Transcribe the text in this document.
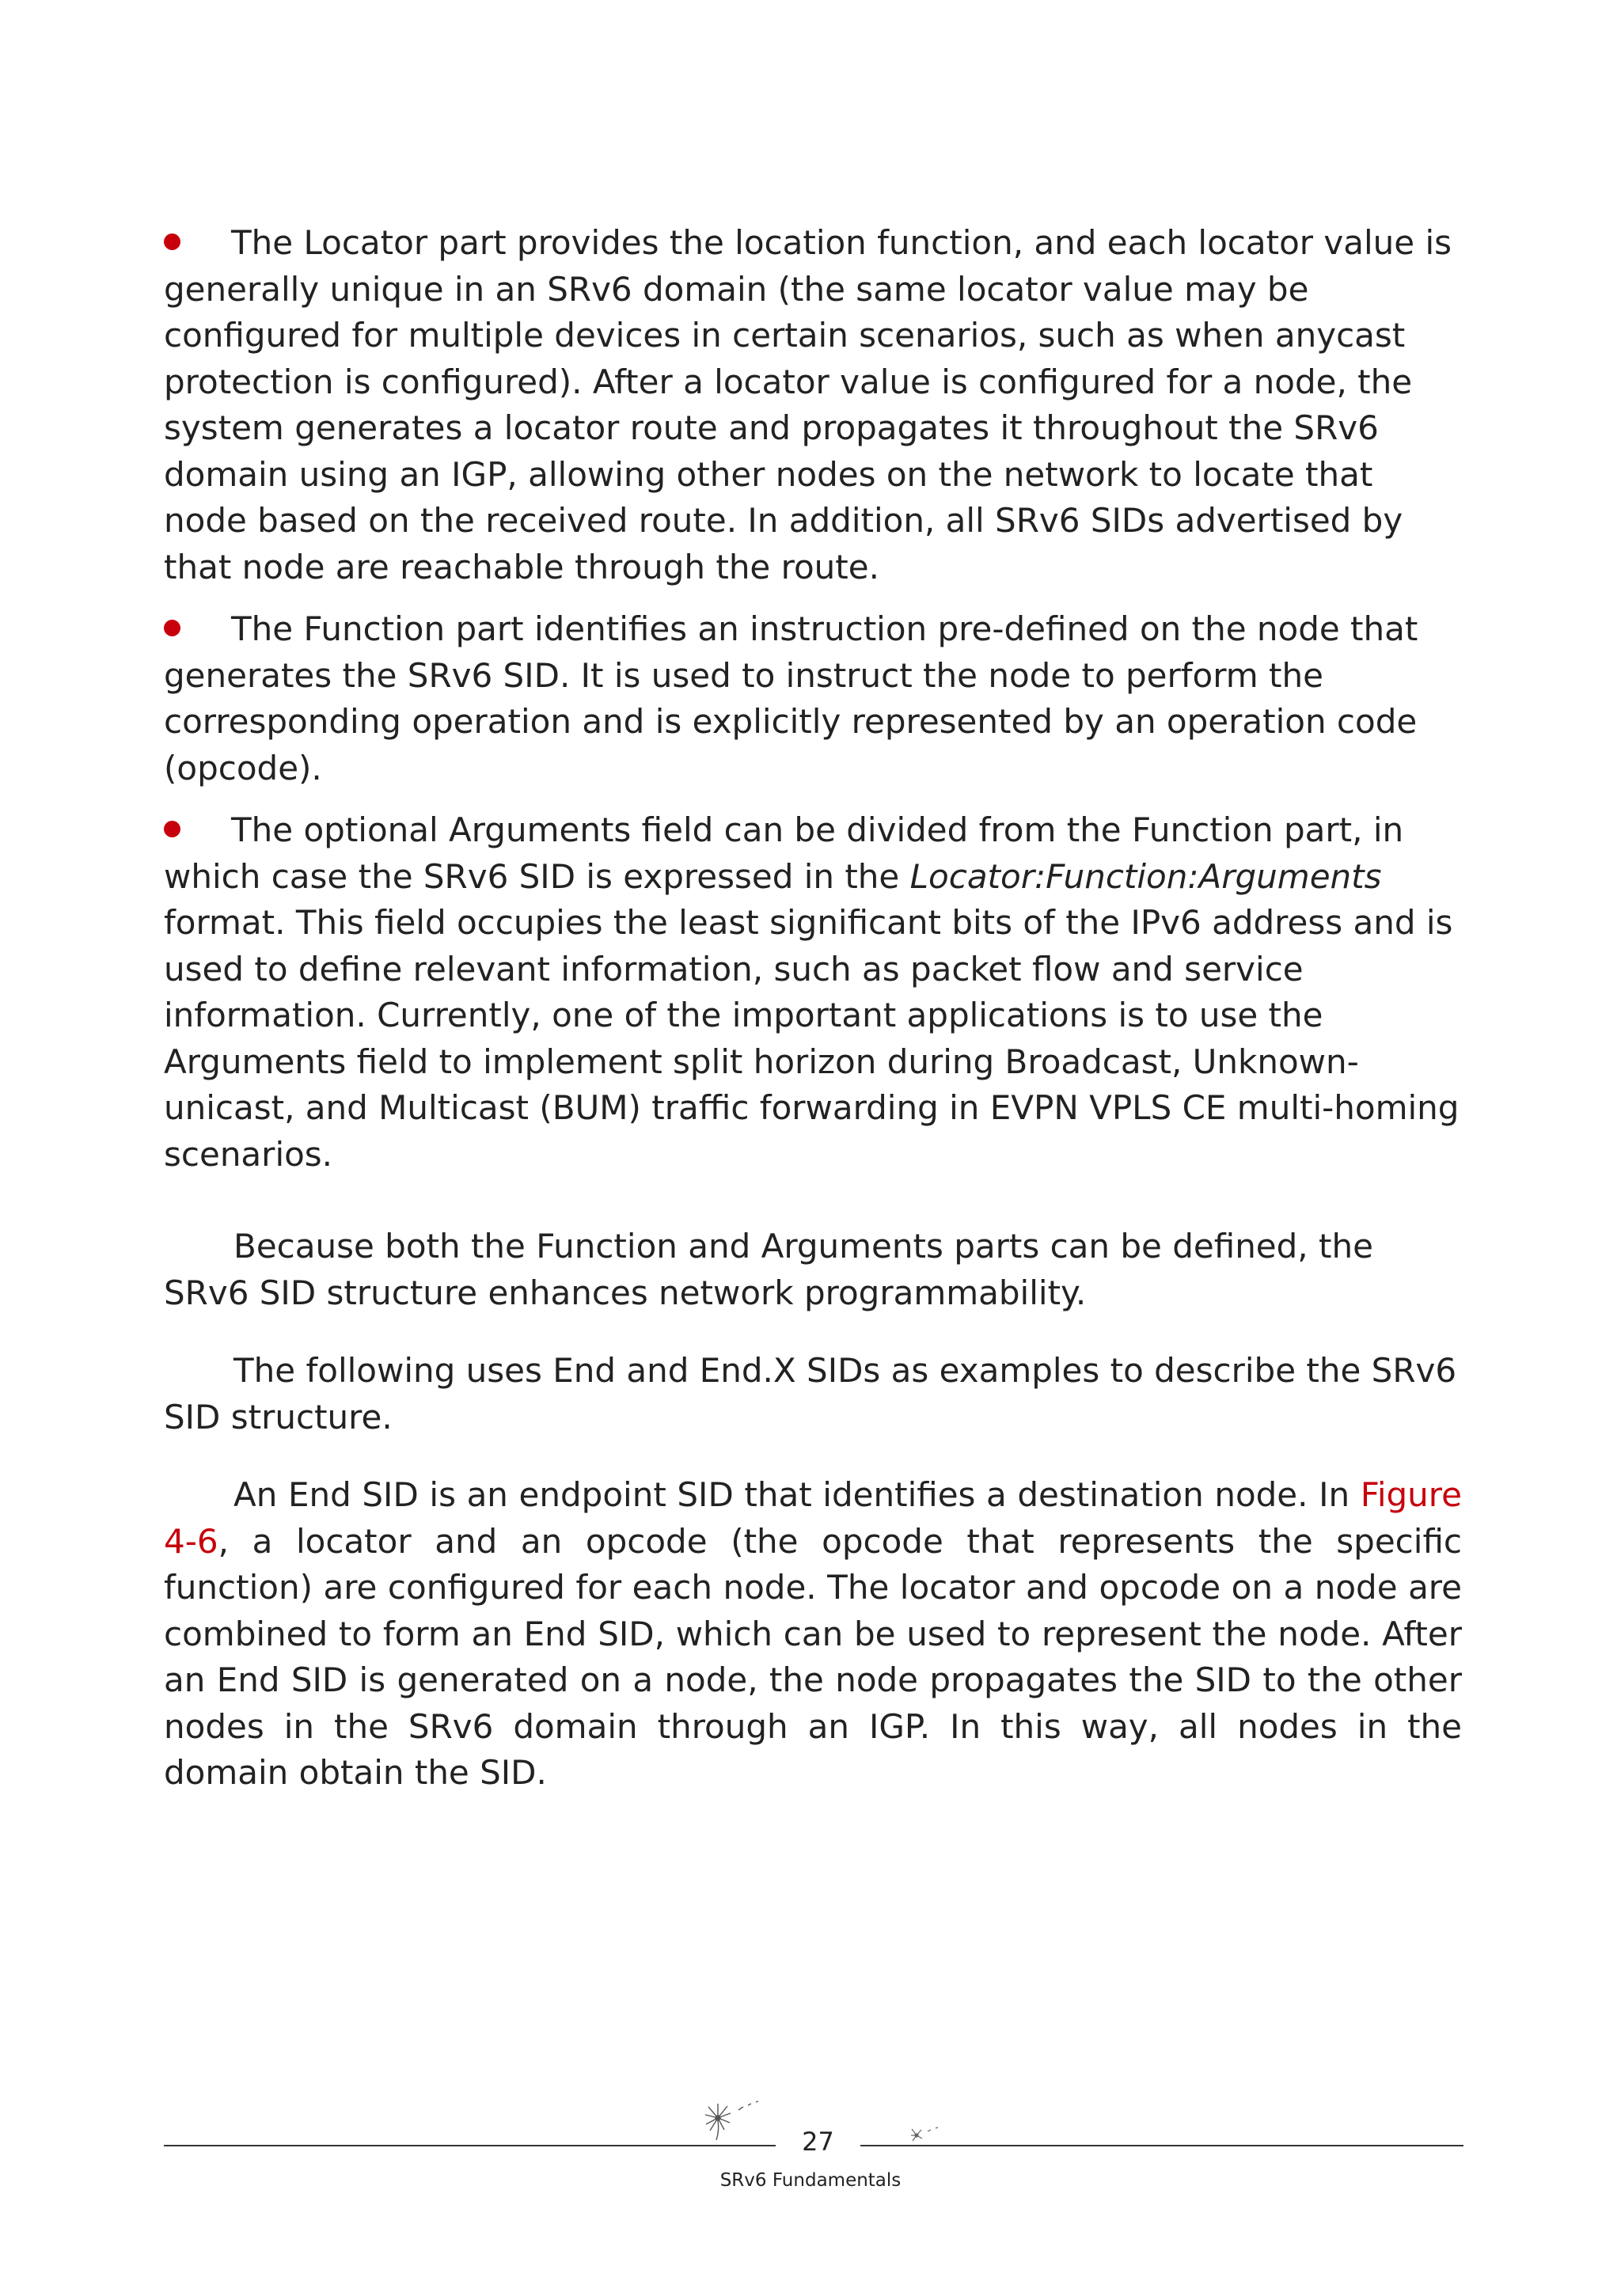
The Locator part provides the location function, and each locator value is generally unique in an SRv6 domain (the same locator value may be configured for multiple devices in certain scenarios, such as when anycast protection is configured). After a locator value is configured for a node, the system generates a locator route and propagates it throughout the SRv6 domain using an IGP, allowing other nodes on the network to locate that node based on the received route. In addition, all SRv6 SIDs advertised by that node are reachable through the route.
The Function part identifies an instruction pre-defined on the node that generates the SRv6 SID. It is used to instruct the node to perform the corresponding operation and is explicitly represented by an operation code (opcode).
The optional Arguments field can be divided from the Function part, in which case the SRv6 SID is expressed in the Locator:Function:Arguments format. This field occupies the least significant bits of the IPv6 address and is used to define relevant information, such as packet flow and service information. Currently, one of the important applications is to use the Arguments field to implement split horizon during Broadcast, Unknown-unicast, and Multicast (BUM) traffic forwarding in EVPN VPLS CE multi-homing scenarios.

Because both the Function and Arguments parts can be defined, the SRv6 SID structure enhances network programmability.

The following uses End and End.X SIDs as examples to describe the SRv6 SID structure.

An End SID is an endpoint SID that identifies a destination node. In Figure 4-6, a locator and an opcode (the opcode that represents the specific function) are configured for each node. The locator and opcode on a node are combined to form an End SID, which can be used to represent the node. After an End SID is generated on a node, the node propagates the SID to the other nodes in the SRv6 domain through an IGP. In this way, all nodes in the domain obtain the SID.

27
SRv6 Fundamentals
